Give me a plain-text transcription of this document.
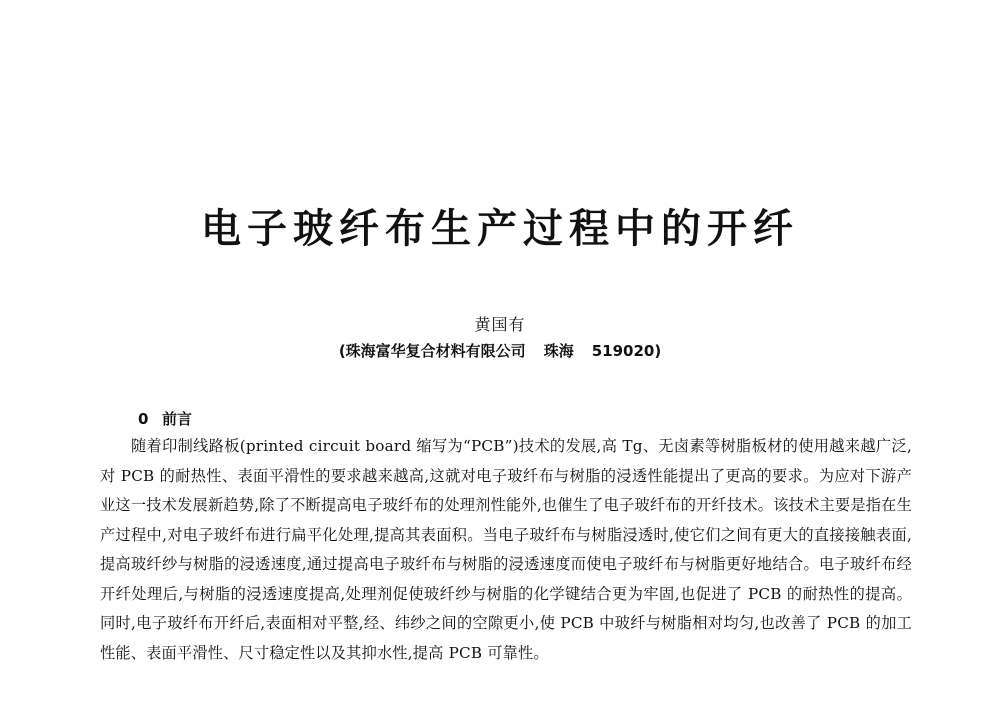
电子玻纤布生产过程中的开纤
黄国有
(珠海富华复合材料有限公司 珠海 519020)
0 前言

随着印制线路板(printed circuit board 缩写为“PCB”)技术的发展,高 Tg、无卤素等树脂板材的使用越来越广泛,对 PCB 的耐热性、表面平滑性的要求越来越高,这就对电子玻纤布与树脂的浸透性能提出了更高的要求。为应对下游产业这一技术发展新趋势,除了不断提高电子玻纤布的处理剂性能外,也催生了电子玻纤布的开纤技术。该技术主要是指在生产过程中,对电子玻纤布进行扁平化处理,提高其表面积。当电子玻纤布与树脂浸透时,使它们之间有更大的直接接触表面,提高玻纤纱与树脂的浸透速度,通过提高电子玻纤布与树脂的浸透速度而使电子玻纤布与树脂更好地结合。电子玻纤布经开纤处理后,与树脂的浸透速度提高,处理剂促使玻纤纱与树脂的化学键结合更为牢固,也促进了 PCB 的耐热性的提高。同时,电子玻纤布开纤后,表面相对平整,经、纬纱之间的空隙更小,使 PCB 中玻纤与树脂相对均匀,也改善了 PCB 的加工性能、表面平滑性、尺寸稳定性以及其抑水性,提高 PCB 可靠性。
